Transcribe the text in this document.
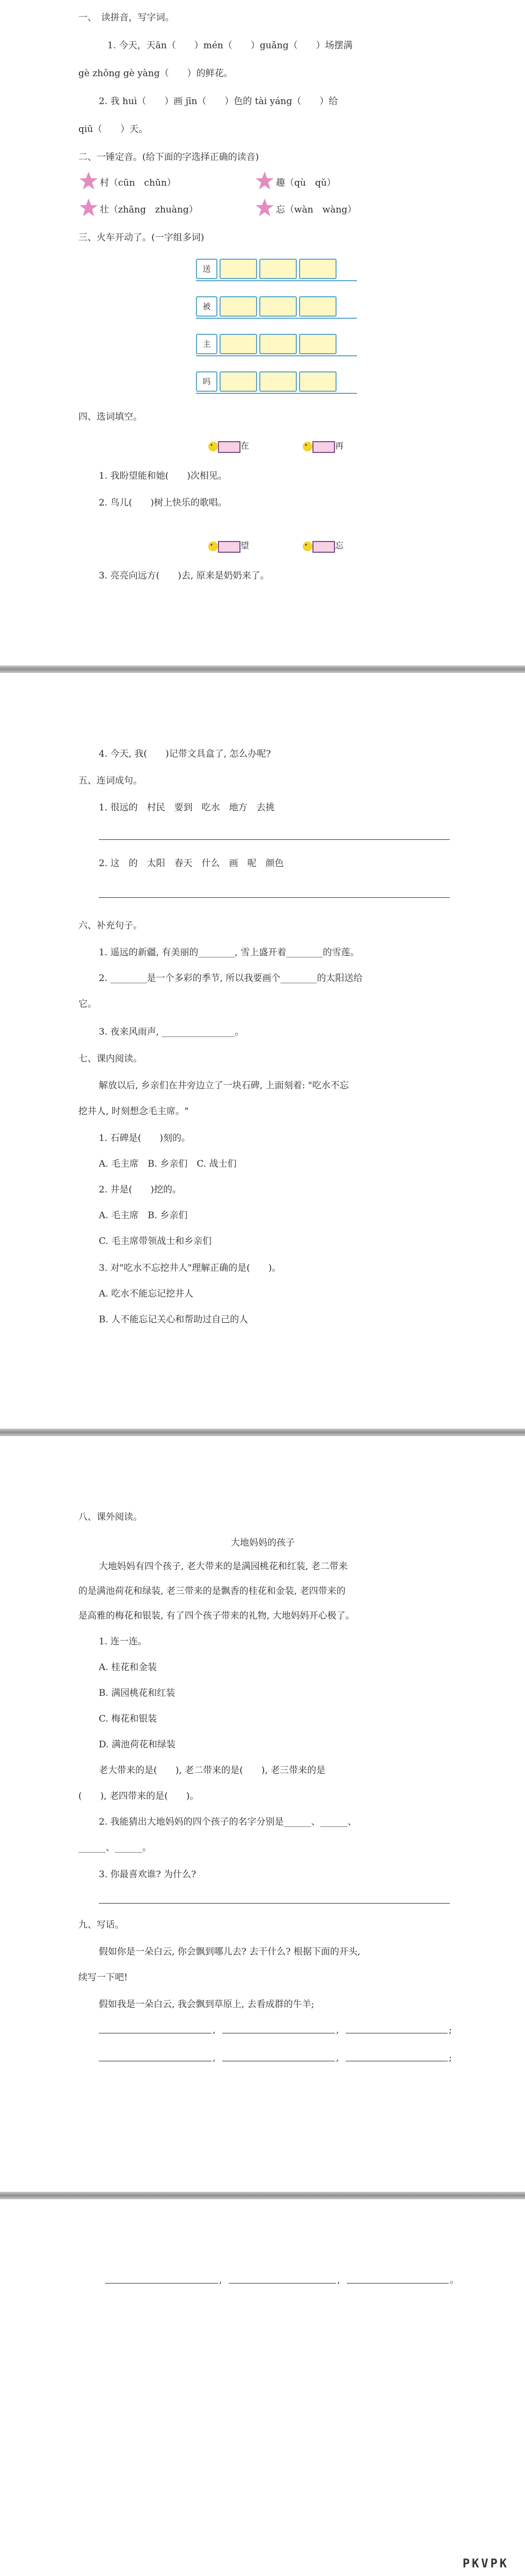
一、　读拼音，写字词。
1. 今天，天ān（　　）mén（　　）guǎng（　　）场摆满
gè zhǒng gè yàng（　　）的鲜花。
2. 我 huì（　　）画 jīn（　　）色的 tài yáng（　　）给
qiū（　　）天。
二、一锤定音。(给下面的字选择正确的读音)
村（cūn　chūn）	趣（qù　qǔ）
壮（zhāng　zhuàng）	忘（wàn　wàng）
三、火车开动了。(一字组多词)
送
被
主
吗
四、选词填空。
在	再
1. 我盼望能和她(　　)次相见。
2. 鸟儿(　　)树上快乐的歌唱。
望	忘
3. 亮亮向远方(　　)去, 原来是奶奶来了。
4. 今天, 我(　　)记带文具盒了, 怎么办呢?
五、连词成句。
1. 很远的　村民　要到　吃水　地方　去挑
2. 这　的　太阳　春天　什么　画　呢　颜色
六、补充句子。
1. 遥远的新疆, 有美丽的________, 雪上盛开着________的雪莲。
2. ________是一个多彩的季节, 所以我要画个________的太阳送给
它。
3. 夜来风雨声, ________________。
七、课内阅读。
解放以后, 乡亲们在井旁边立了一块石碑, 上面刻着: "吃水不忘
挖井人, 时刻想念毛主席。"
1. 石碑是(　　)刻的。
A. 毛主席　B. 乡亲们　C. 战士们
2. 井是(　　)挖的。
A. 毛主席　B. 乡亲们
C. 毛主席带领战士和乡亲们
3. 对"吃水不忘挖井人"理解正确的是(　　)。
A. 吃水不能忘记挖井人
B. 人不能忘记关心和帮助过自己的人
八、课外阅读。
大地妈妈的孩子
大地妈妈有四个孩子, 老大带来的是满园桃花和红装, 老二带来
的是满池荷花和绿装, 老三带来的是飘香的桂花和金装, 老四带来的
是高雅的梅花和银装, 有了四个孩子带来的礼物, 大地妈妈开心极了。
1. 连一连。
A. 桂花和金装
B. 满园桃花和红装
C. 梅花和银装
D. 满池荷花和绿装
老大带来的是(　　), 老二带来的是(　　), 老三带来的是
(　　), 老四带来的是(　　)。
2. 我能猜出大地妈妈的四个孩子的名字分别是______、______、
______、______。
3. 你最喜欢谁? 为什么?
九、写话。
假如你是一朵白云, 你会飘到哪儿去? 去干什么? 根据下面的开头,
续写一下吧!
假如我是一朵白云, 我会飘到草原上, 去看成群的牛羊;
,	,	;
,	,	;
,	,	。
PKVPK
